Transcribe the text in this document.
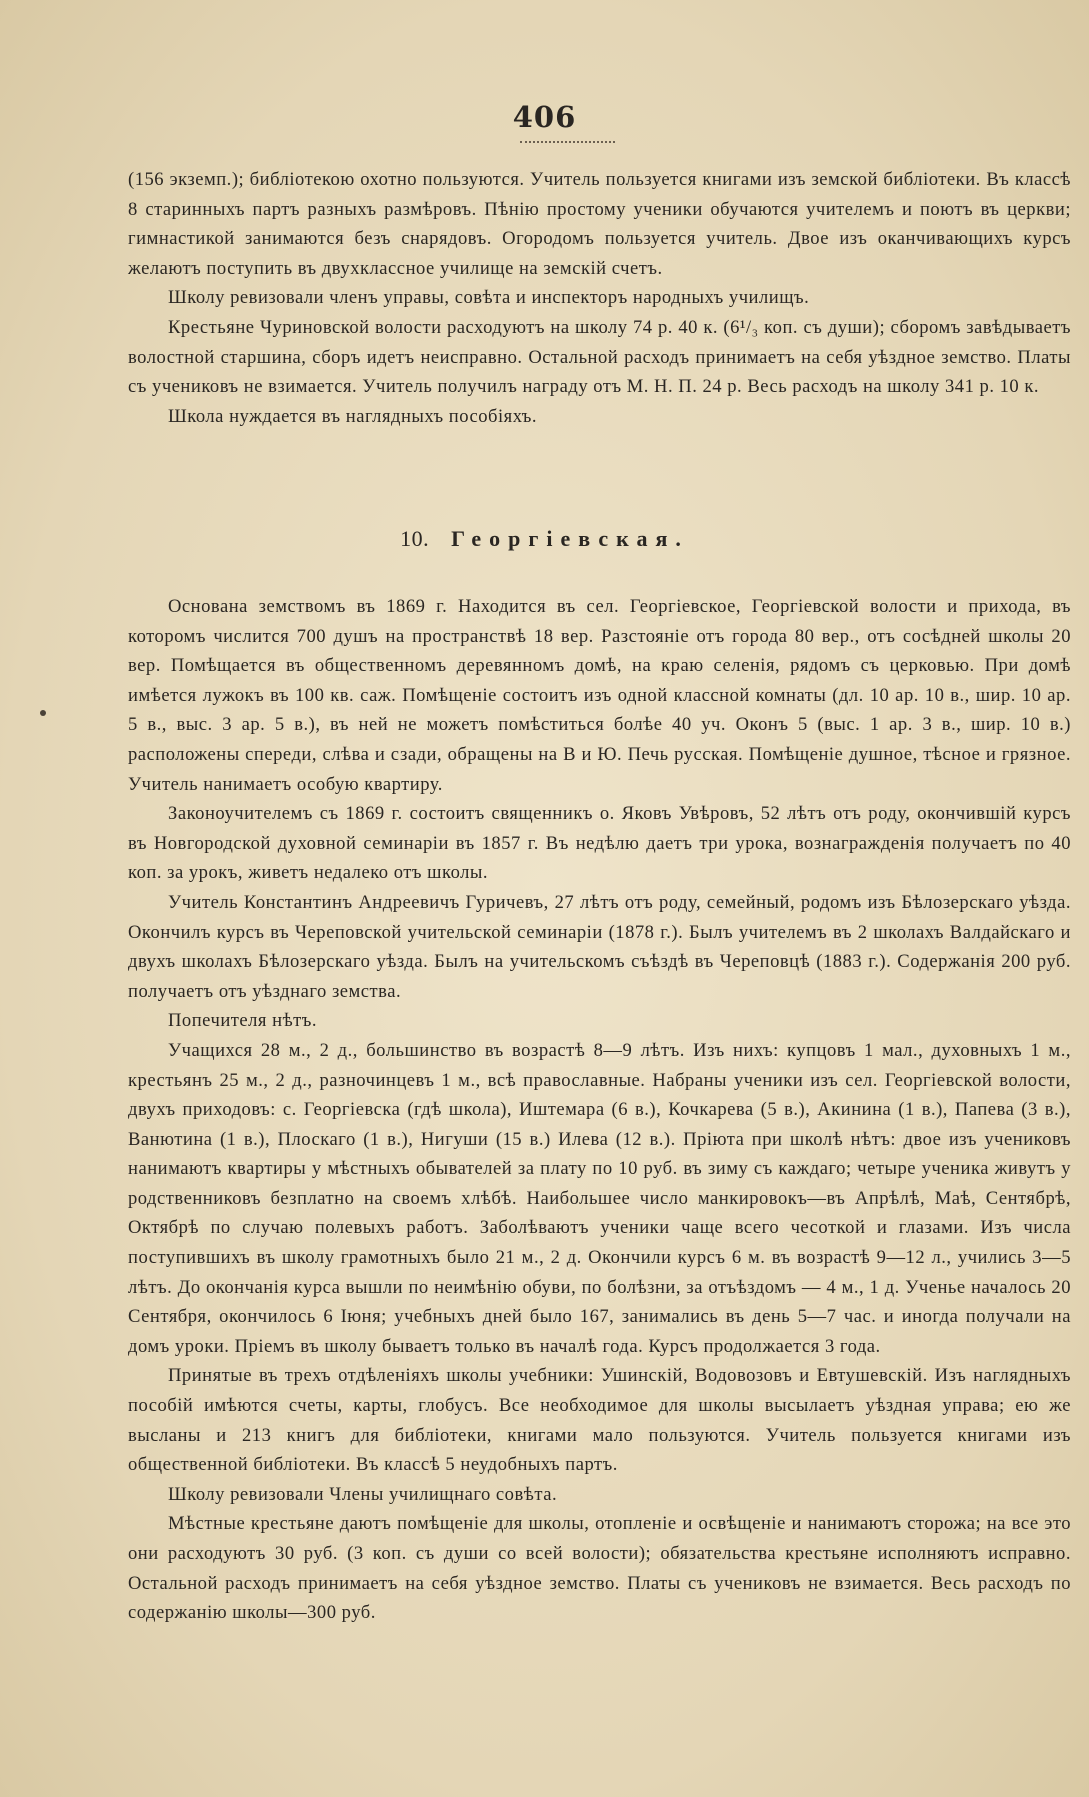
406

(156 экземп.); библіотекою охотно пользуются. Учитель пользуется книгами изъ земской библіотеки. Въ классѣ 8 старинныхъ партъ разныхъ размѣровъ. Пѣнію простому ученики обучаются учителемъ и поютъ въ церкви; гимнастикой занимаются безъ снарядовъ. Огородомъ пользуется учитель. Двое изъ оканчивающихъ курсъ желаютъ поступить въ двухклассное училище на земскій счетъ.

Школу ревизовали членъ управы, совѣта и инспекторъ народныхъ училищъ.

Крестьяне Чуриновской волости расходуютъ на школу 74 р. 40 к. (6¹/₃ коп. съ души); сборомъ завѣдываетъ волостной старшина, сборъ идетъ неисправно. Остальной расходъ принимаетъ на себя уѣздное земство. Платы съ учениковъ не взимается. Учитель получилъ награду отъ М. Н. П. 24 р. Весь расходъ на школу 341 р. 10 к.

Школа нуждается въ наглядныхъ пособіяхъ.

10. Георгіевская.

Основана земствомъ въ 1869 г. Находится въ сел. Георгіевское, Георгіевской волости и прихода, въ которомъ числится 700 душъ на пространствѣ 18 вер. Разстояніе отъ города 80 вер., отъ сосѣдней школы 20 вер. Помѣщается въ общественномъ деревянномъ домѣ, на краю селенія, рядомъ съ церковью. При домѣ имѣется лужокъ въ 100 кв. саж. Помѣщеніе состоитъ изъ одной классной комнаты (дл. 10 ар. 10 в., шир. 10 ар. 5 в., выс. 3 ар. 5 в.), въ ней не можетъ помѣститься болѣе 40 уч. Оконъ 5 (выс. 1 ар. 3 в., шир. 10 в.) расположены спереди, слѣва и сзади, обращены на В и Ю. Печь русская. Помѣщеніе душное, тѣсное и грязное. Учитель нанимаетъ особую квартиру.

Законоучителемъ съ 1869 г. состоитъ священникъ о. Яковъ Увѣровъ, 52 лѣтъ отъ роду, окончившій курсъ въ Новгородской духовной семинаріи въ 1857 г. Въ недѣлю даетъ три урока, вознагражденія получаетъ по 40 коп. за урокъ, живетъ недалеко отъ школы.

Учитель Константинъ Андреевичъ Гуричевъ, 27 лѣтъ отъ роду, семейный, родомъ изъ Бѣлозерскаго уѣзда. Окончилъ курсъ въ Череповской учительской семинаріи (1878 г.). Былъ учителемъ въ 2 школахъ Валдайскаго и двухъ школахъ Бѣлозерскаго уѣзда. Былъ на учительскомъ съѣздѣ въ Череповцѣ (1883 г.). Содержанія 200 руб. получаетъ отъ уѣзднаго земства.

Попечителя нѣтъ.

Учащихся 28 м., 2 д., большинство въ возрастѣ 8—9 лѣтъ. Изъ нихъ: купцовъ 1 мал., духовныхъ 1 м., крестьянъ 25 м., 2 д., разночинцевъ 1 м., всѣ православные. Набраны ученики изъ сел. Георгіевской волости, двухъ приходовъ: с. Георгіевска (гдѣ школа), Иштемара (6 в.), Кочкарева (5 в.), Акинина (1 в.), Папева (3 в.), Ванютина (1 в.), Плоскаго (1 в.), Нигуши (15 в.) Илева (12 в.). Пріюта при школѣ нѣтъ: двое изъ учениковъ нанимаютъ квартиры у мѣстныхъ обывателей за плату по 10 руб. въ зиму съ каждаго; четыре ученика живутъ у родственниковъ безплатно на своемъ хлѣбѣ. Наибольшее число манкировокъ—въ Апрѣлѣ, Маѣ, Сентябрѣ, Октябрѣ по случаю полевыхъ работъ. Заболѣваютъ ученики чаще всего чесоткой и глазами. Изъ числа поступившихъ въ школу грамотныхъ было 21 м., 2 д. Окончили курсъ 6 м. въ возрастѣ 9—12 л., учились 3—5 лѣтъ. До окончанія курса вышли по неимѣнію обуви, по болѣзни, за отъѣздомъ — 4 м., 1 д. Ученье началось 20 Сентября, окончилось 6 Іюня; учебныхъ дней было 167, занимались въ день 5—7 час. и иногда получали на домъ уроки. Пріемъ въ школу бываетъ только въ началѣ года. Курсъ продолжается 3 года.

Принятые въ трехъ отдѣленіяхъ школы учебники: Ушинскій, Водовозовъ и Евтушевскій. Изъ наглядныхъ пособій имѣются счеты, карты, глобусъ. Все необходимое для школы высылаетъ уѣздная управа; ею же высланы и 213 книгъ для библіотеки, книгами мало пользуются. Учитель пользуется книгами изъ общественной библіотеки. Въ классѣ 5 неудобныхъ партъ.

Школу ревизовали Члены училищнаго совѣта.

Мѣстные крестьяне даютъ помѣщеніе для школы, отопленіе и освѣщеніе и нанимаютъ сторожа; на все это они расходуютъ 30 руб. (3 коп. съ души со всей волости); обязательства крестьяне исполняютъ исправно. Остальной расходъ принимаетъ на себя уѣздное земство. Платы съ учениковъ не взимается. Весь расходъ по содержанію школы—300 руб.
